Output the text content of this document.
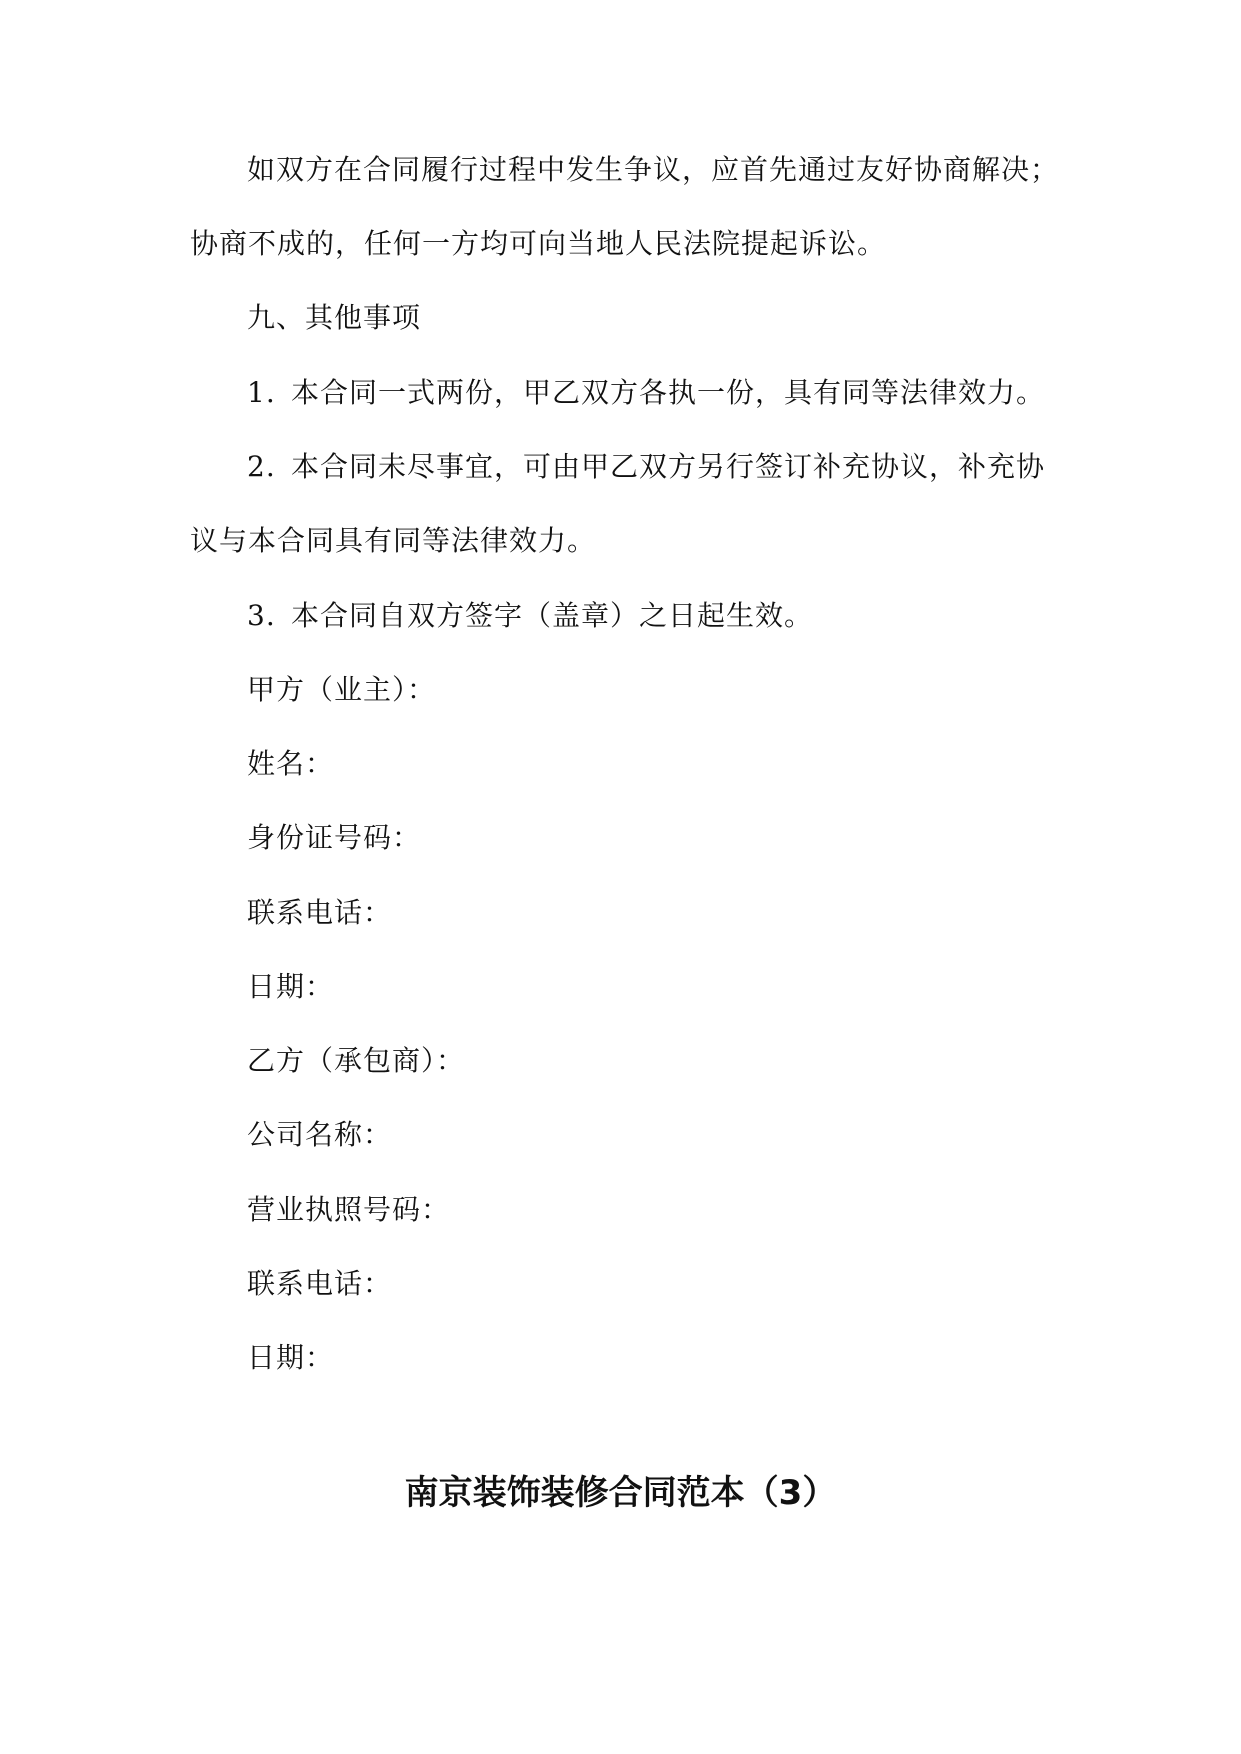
如双方在合同履行过程中发生争议，应首先通过友好协商解决；
协商不成的，任何一方均可向当地人民法院提起诉讼。
九、其他事项
1. 本合同一式两份，甲乙双方各执一份，具有同等法律效力。
2. 本合同未尽事宜，可由甲乙双方另行签订补充协议，补充协
议与本合同具有同等法律效力。
3. 本合同自双方签字（盖章）之日起生效。
甲方（业主）：
姓名：
身份证号码：
联系电话：
日期：
乙方（承包商）：
公司名称：
营业执照号码：
联系电话：
日期：
南京装饰装修合同范本（3）
